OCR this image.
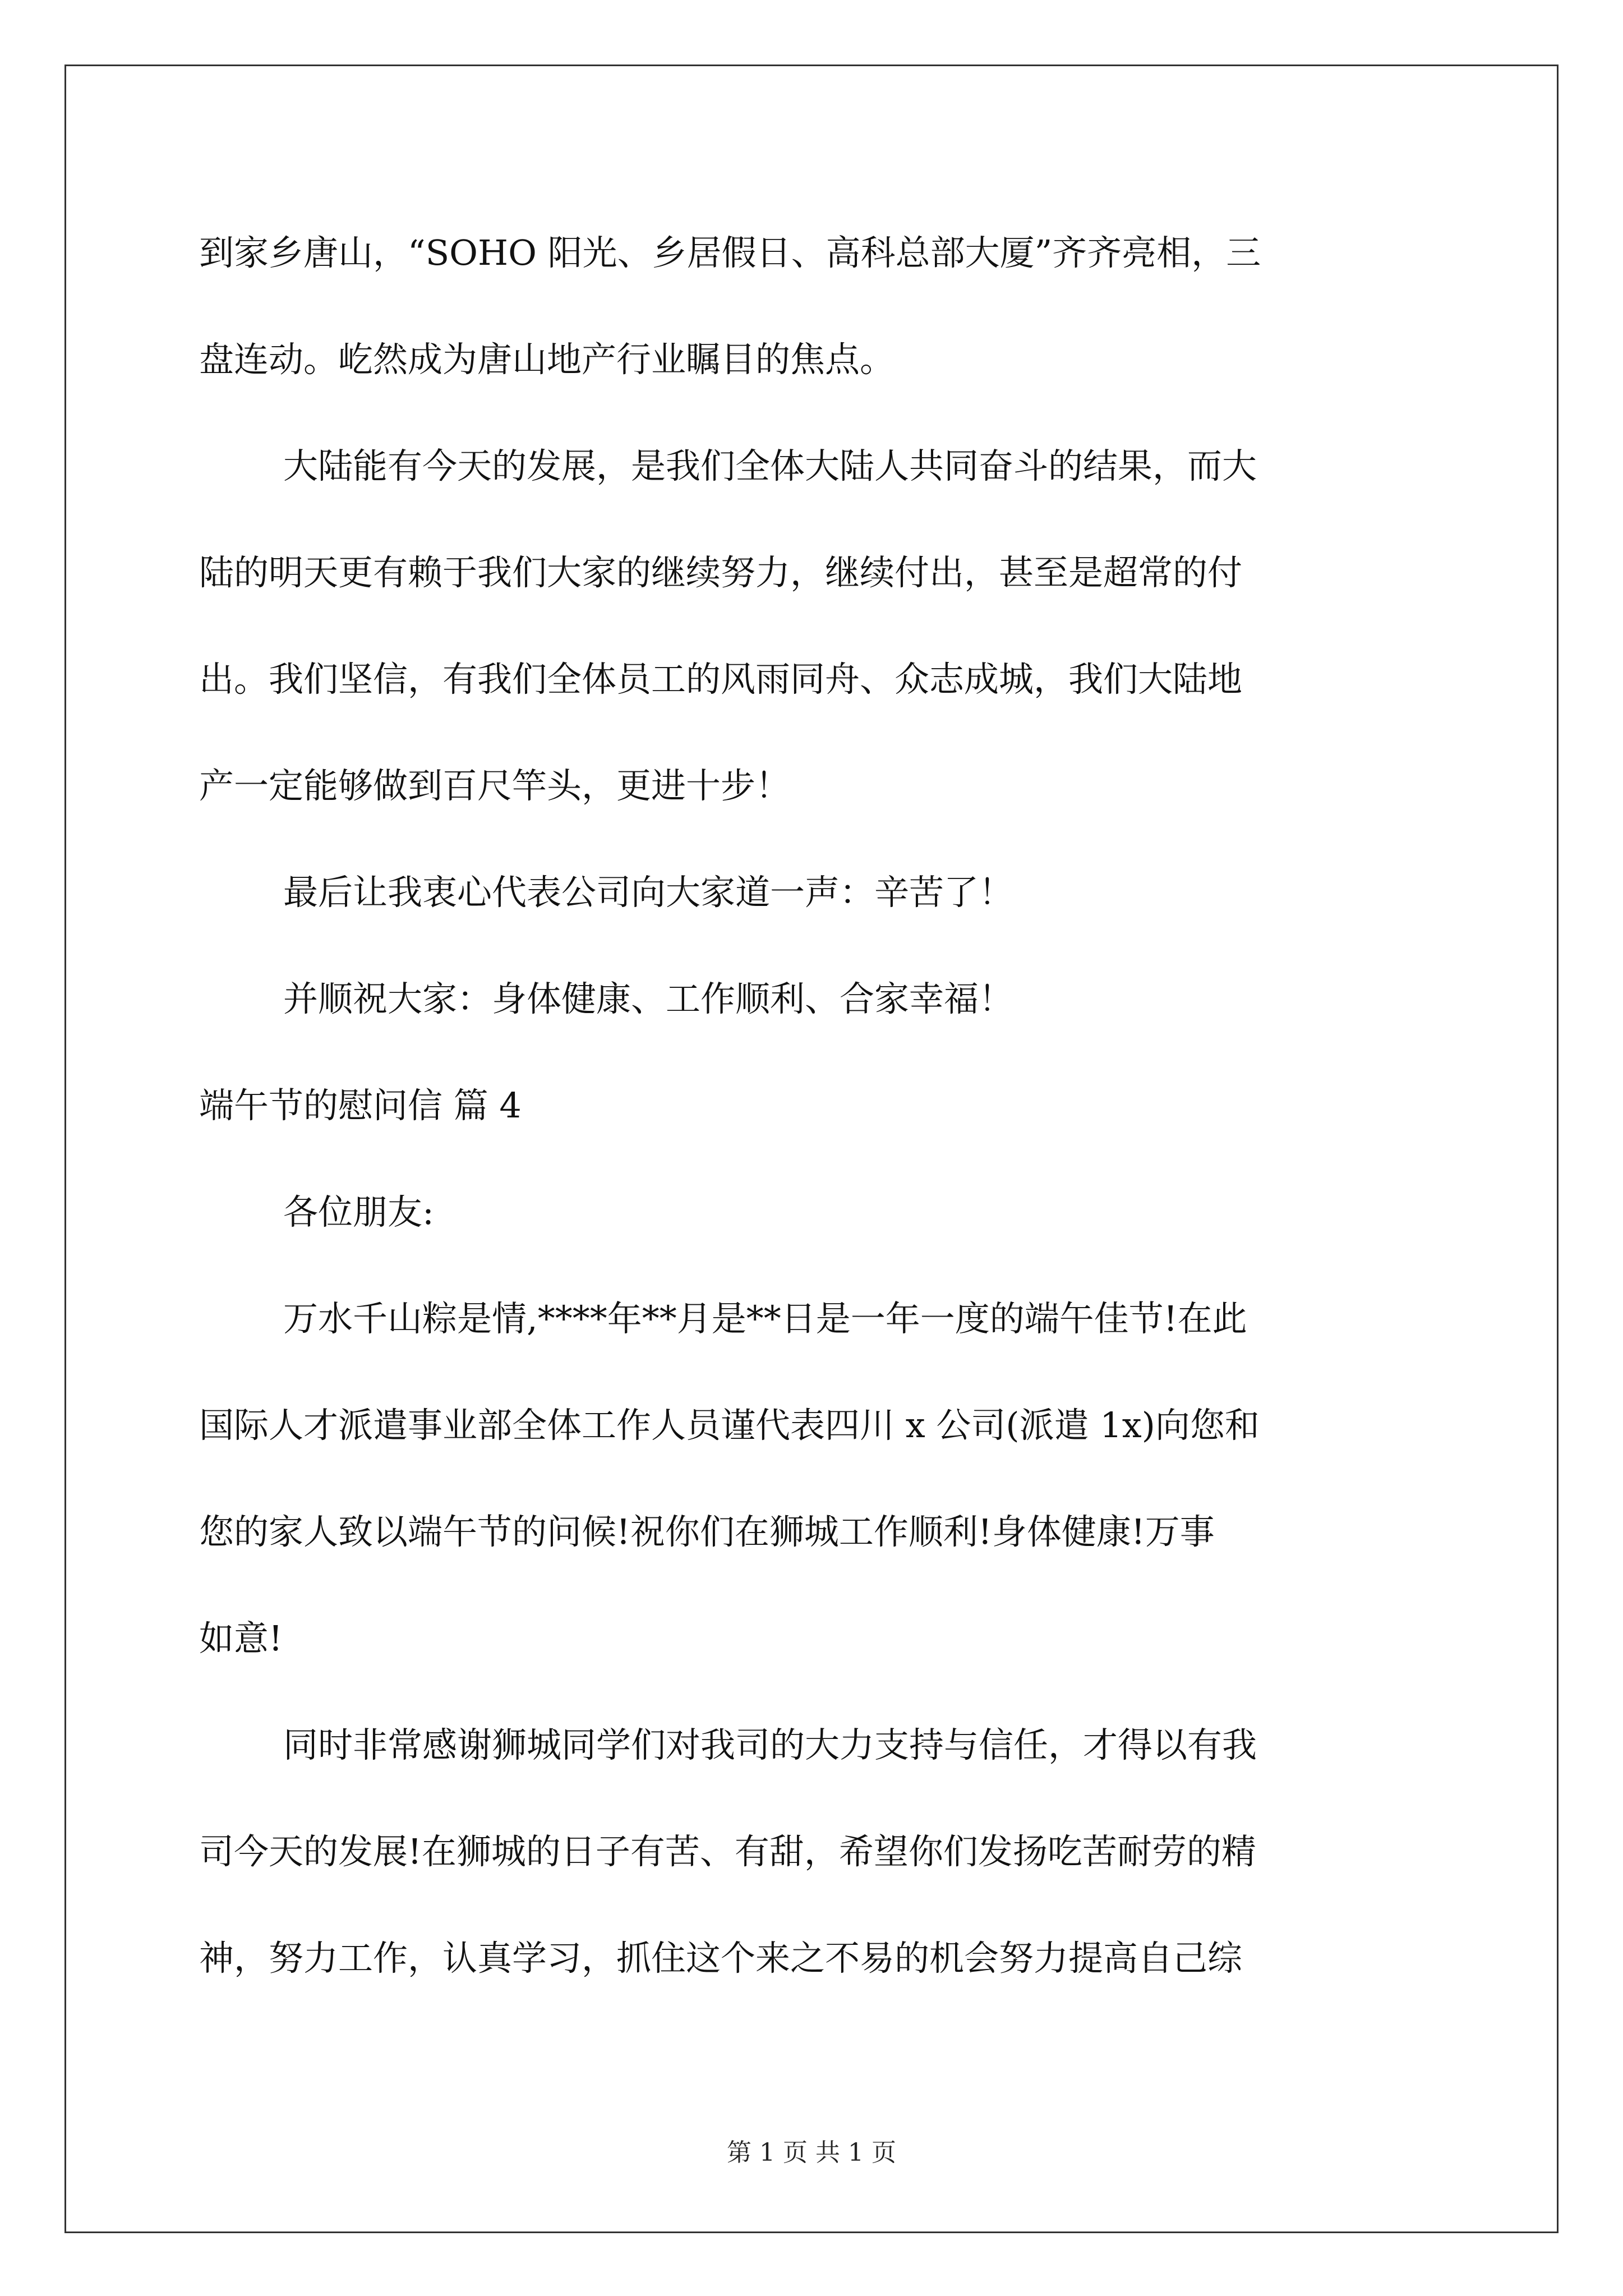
到家乡唐山，“SOHO 阳光、乡居假日、高科总部大厦”齐齐亮相，三

盘连动。屹然成为唐山地产行业瞩目的焦点。

大陆能有今天的发展，是我们全体大陆人共同奋斗的结果，而大

陆的明天更有赖于我们大家的继续努力，继续付出，甚至是超常的付

出。我们坚信，有我们全体员工的风雨同舟、众志成城，我们大陆地

产一定能够做到百尺竿头，更进十步！

最后让我衷心代表公司向大家道一声：辛苦了！

并顺祝大家：身体健康、工作顺利、合家幸福！

端午节的慰问信 篇 4

各位朋友:

万水千山粽是情,****年**月是**日是一年一度的端午佳节!在此

国际人才派遣事业部全体工作人员谨代表四川 x 公司(派遣 1x)向您和

您的家人致以端午节的问候!祝你们在狮城工作顺利!身体健康!万事

如意!

同时非常感谢狮城同学们对我司的大力支持与信任，才得以有我

司今天的发展!在狮城的日子有苦、有甜，希望你们发扬吃苦耐劳的精

神，努力工作，认真学习，抓住这个来之不易的机会努力提高自己综

第 1 页 共 1 页
